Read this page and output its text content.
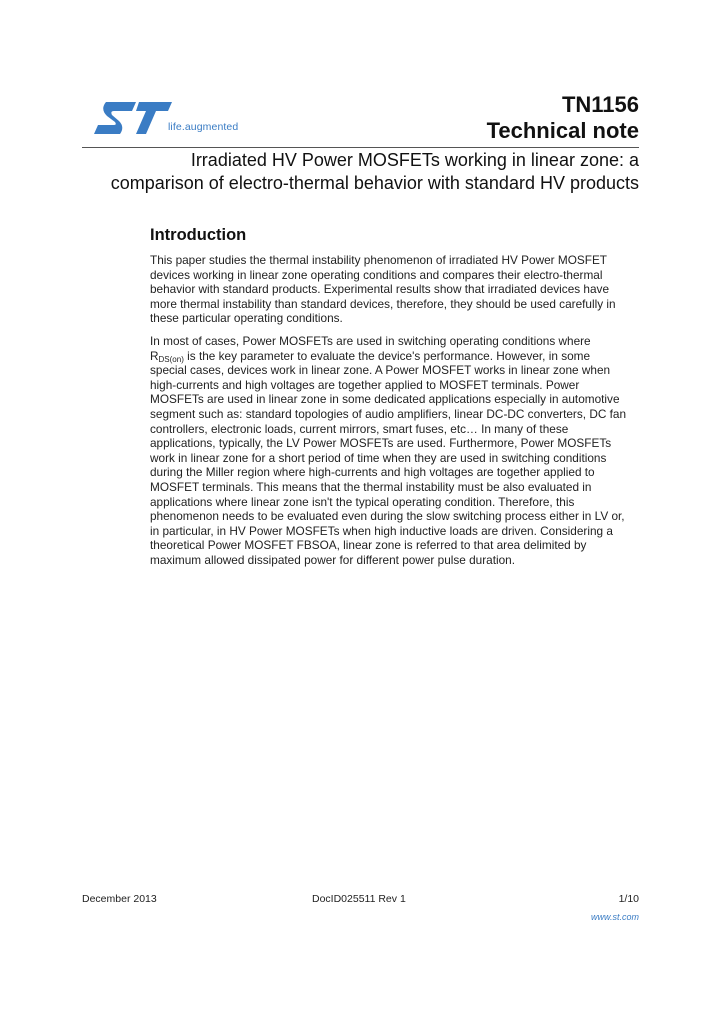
life.augmented
TN1156
Technical note
Irradiated HV Power MOSFETs working in linear zone: a
comparison of electro-thermal behavior with standard HV products
Introduction
This paper studies the thermal instability phenomenon of irradiated HV Power MOSFET
devices working in linear zone operating conditions and compares their electro-thermal
behavior with standard products. Experimental results show that irradiated devices have
more thermal instability than standard devices, therefore, they should be used carefully in
these particular operating conditions.
In most of cases, Power MOSFETs are used in switching operating conditions where
$R_{DS(on)}$ is the key parameter to evaluate the device's performance. However, in some
special cases, devices work in linear zone. A Power MOSFET works in linear zone when
high-currents and high voltages are together applied to MOSFET terminals. Power
MOSFETs are used in linear zone in some dedicated applications especially in automotive
segment such as: standard topologies of audio amplifiers, linear DC-DC converters, DC fan
controllers, electronic loads, current mirrors, smart fuses, etc… In many of these
applications, typically, the LV Power MOSFETs are used. Furthermore, Power MOSFETs
work in linear zone for a short period of time when they are used in switching conditions
during the Miller region where high-currents and high voltages are together applied to
MOSFET terminals. This means that the thermal instability must be also evaluated in
applications where linear zone isn't the typical operating condition. Therefore, this
phenomenon needs to be evaluated even during the slow switching process either in LV or,
in particular, in HV Power MOSFETs when high inductive loads are driven. Considering a
theoretical Power MOSFET FBSOA, linear zone is referred to that area delimited by
maximum allowed dissipated power for different power pulse duration.
December 2013	DocID025511 Rev 1	1/10
www.st.com
